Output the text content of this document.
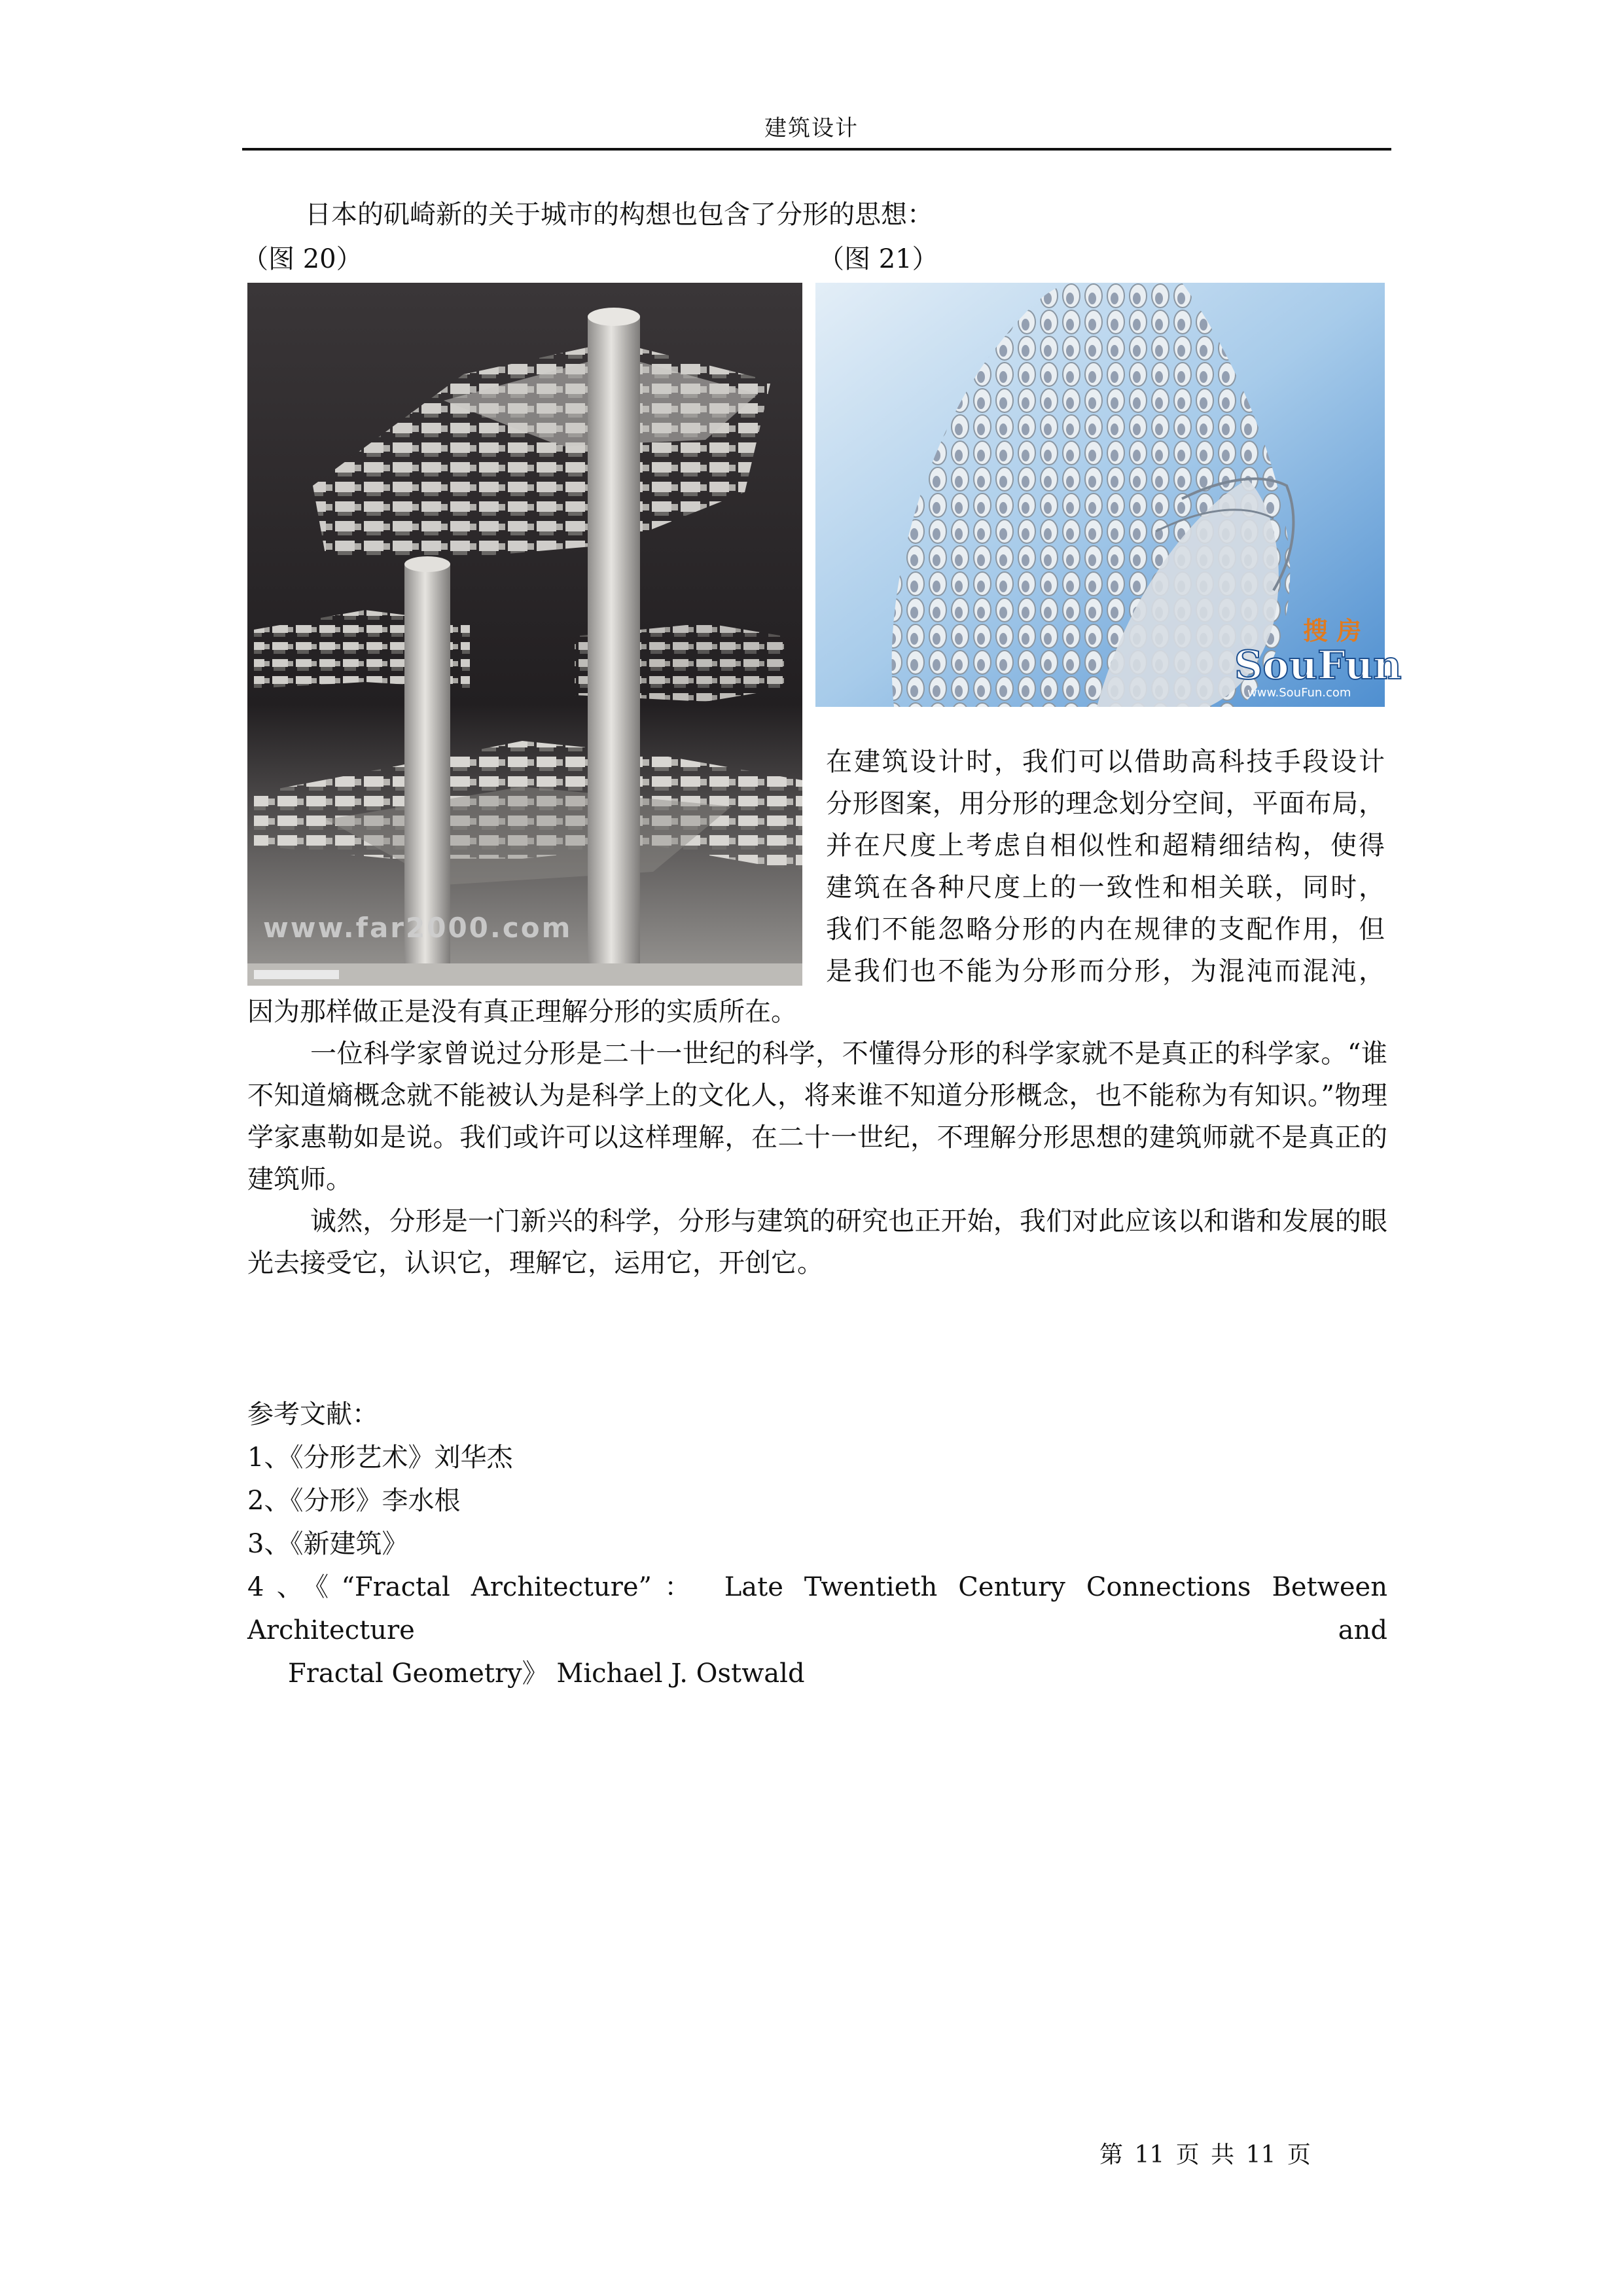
建筑设计
日本的矶崎新的关于城市的构想也包含了分形的思想：
（图 20）	（图 21）
www.far2000.com
搜 房
SouFun
www.SouFun.com
在建筑设计时，我们可以借助高科技手段设计
分形图案，用分形的理念划分空间，平面布局，
并在尺度上考虑自相似性和超精细结构，使得
建筑在各种尺度上的一致性和相关联，同时，
我们不能忽略分形的内在规律的支配作用，但
是我们也不能为分形而分形，为混沌而混沌，
因为那样做正是没有真正理解分形的实质所在。
一位科学家曾说过分形是二十一世纪的科学，不懂得分形的科学家就不是真正的科学家。“谁不知道熵概念就不能被认为是科学上的文化人，将来谁不知道分形概念，也不能称为有知识。”物理学家惠勒如是说。我们或许可以这样理解，在二十一世纪，不理解分形思想的建筑师就不是真正的建筑师。
诚然，分形是一门新兴的科学，分形与建筑的研究也正开始，我们对此应该以和谐和发展的眼光去接受它，认识它，理解它，运用它，开创它。
参考文献：
1、《分形艺术》刘华杰
2、《分形》李水根
3、《新建筑》
4、《“Fractal Architecture”： Late Twentieth Century Connections Between Architecture and
Fractal Geometry》 Michael J. Ostwald
第 11 页 共 11 页
